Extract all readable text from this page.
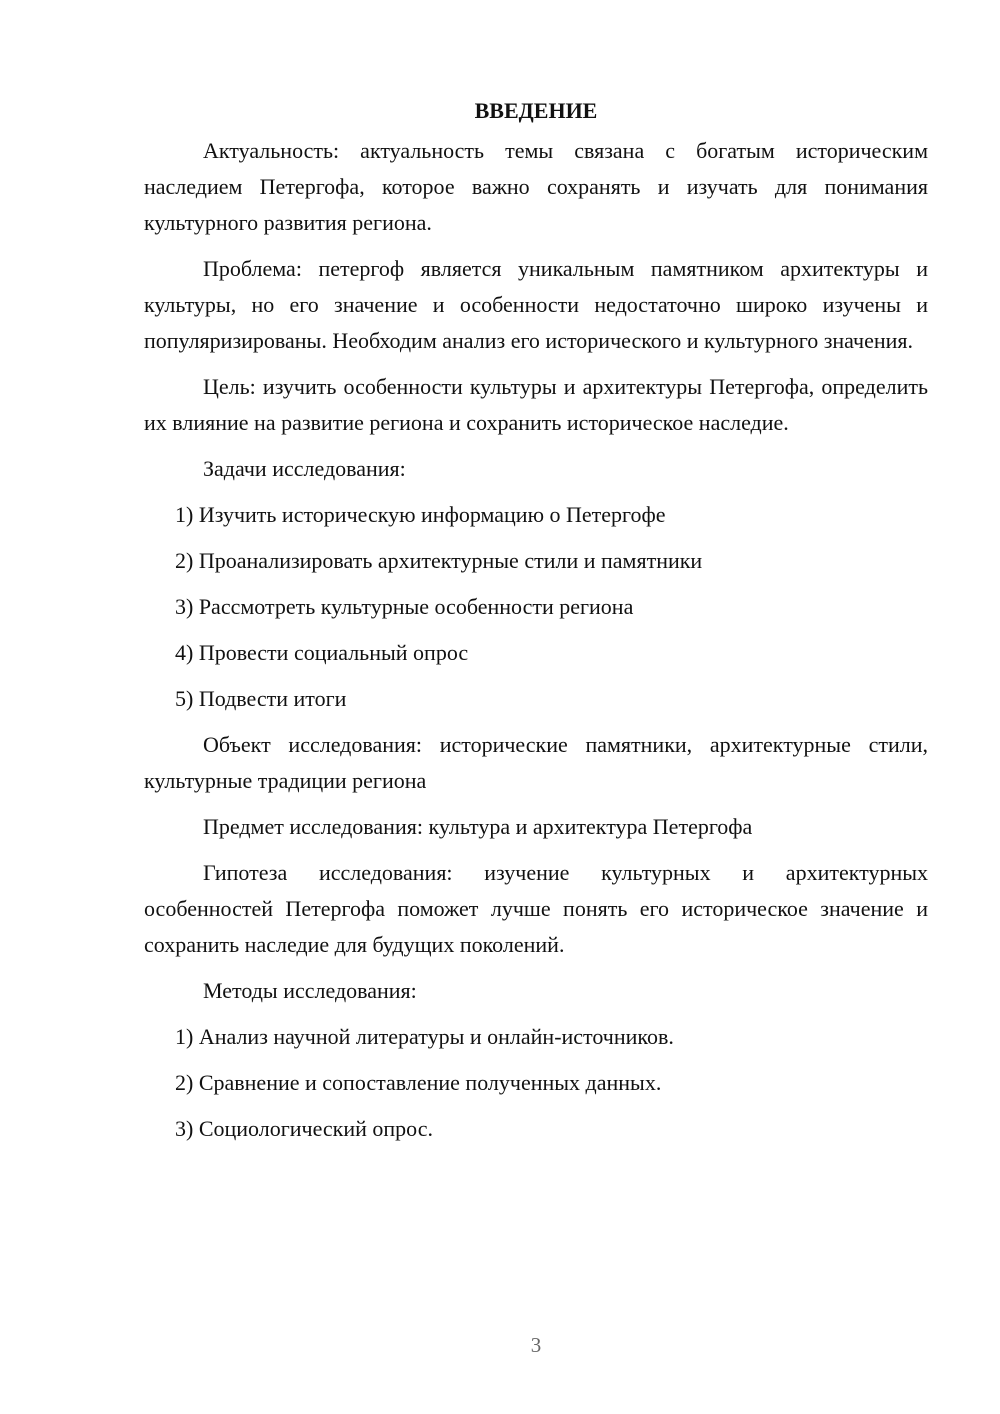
ВВЕДЕНИЕ

Актуальность: актуальность темы связана с богатым историческим наследием Петергофа, которое важно сохранять и изучать для понимания культурного развития региона.

Проблема: петергоф является уникальным памятником архитектуры и культуры, но его значение и особенности недостаточно широко изучены и популяризированы. Необходим анализ его исторического и культурного значения.

Цель: изучить особенности культуры и архитектуры Петергофа, определить их влияние на развитие региона и сохранить историческое наследие.

Задачи исследования:

1) Изучить историческую информацию о Петергофе

2) Проанализировать архитектурные стили и памятники

3) Рассмотреть культурные особенности региона

4) Провести социальный опрос

5) Подвести итоги

Объект исследования: исторические памятники, архитектурные стили, культурные традиции региона

Предмет исследования: культура и архитектура Петергофа

Гипотеза исследования: изучение культурных и архитектурных особенностей Петергофа поможет лучше понять его историческое значение и сохранить наследие для будущих поколений.

Методы исследования:

1) Анализ научной литературы и онлайн-источников.

2) Сравнение и сопоставление полученных данных.

3) Социологический опрос.

3
